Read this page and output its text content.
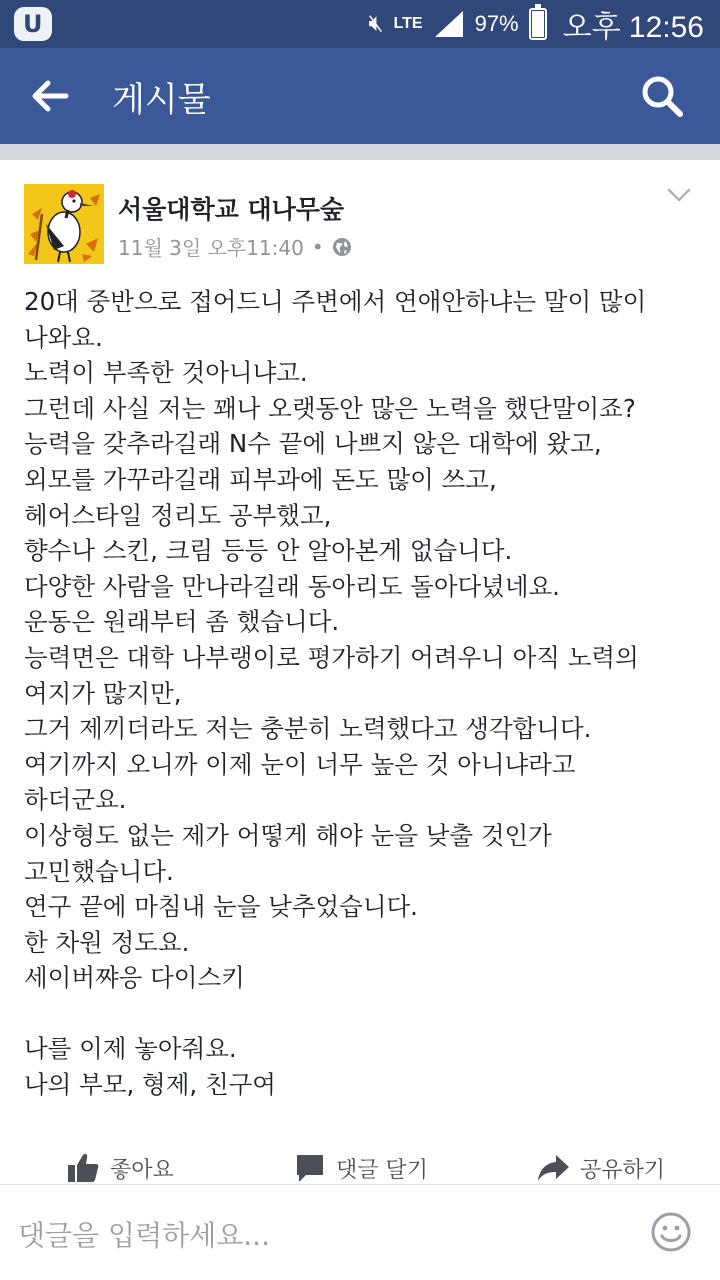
U	🔇︎ LTE 97% 오후 12:56
게시물
서울대학교 대나무숲
11월 3일 오후11:40 •
20대 중반으로 접어드니 주변에서 연애안하냐는 말이 많이
나와요.
노력이 부족한 것아니냐고.
그런데 사실 저는 꽤나 오랫동안 많은 노력을 했단말이죠?
능력을 갖추라길래 N수 끝에 나쁘지 않은 대학에 왔고,
외모를 가꾸라길래 피부과에 돈도 많이 쓰고,
헤어스타일 정리도 공부했고,
향수나 스킨, 크림 등등 안 알아본게 없습니다.
다양한 사람을 만나라길래 동아리도 돌아다녔네요.
운동은 원래부터 좀 했습니다.
능력면은 대학 나부랭이로 평가하기 어려우니 아직 노력의
여지가 많지만,
그거 제끼더라도 저는 충분히 노력했다고 생각합니다.
여기까지 오니까 이제 눈이 너무 높은 것 아니냐라고
하더군요.
이상형도 없는 제가 어떻게 해야 눈을 낮출 것인가
고민했습니다.
연구 끝에 마침내 눈을 낮추었습니다.
한 차원 정도요.
세이버쨔응 다이스키
나를 이제 놓아줘요.
나의 부모, 형제, 친구여
좋아요	댓글 달기	공유하기
댓글을 입력하세요...
